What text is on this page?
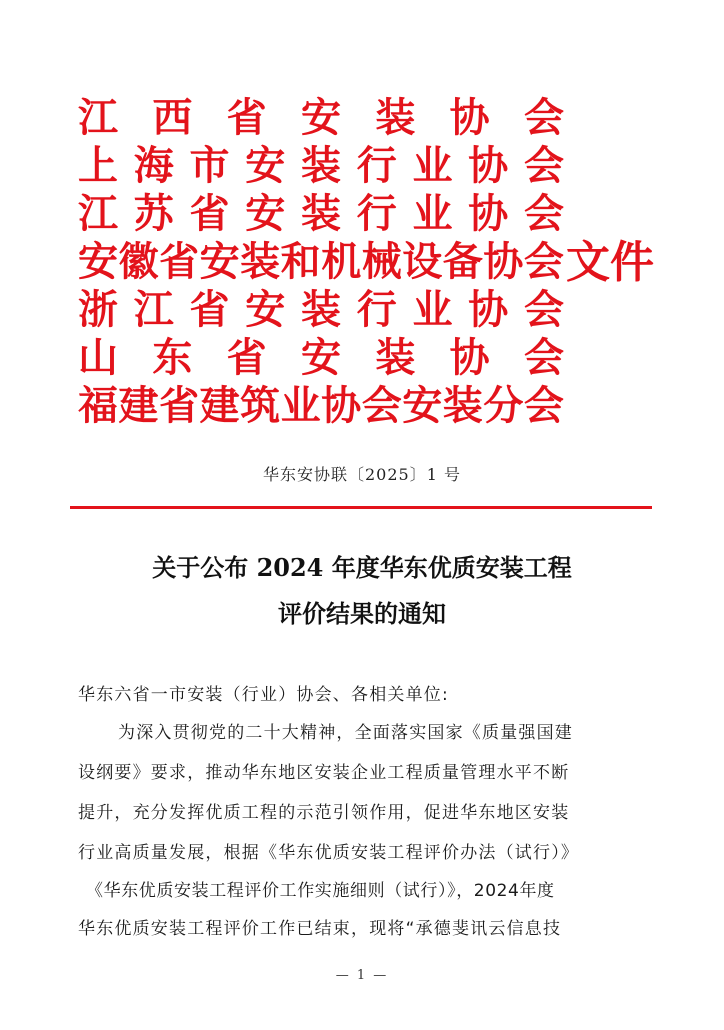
江 西 省 安 装 协 会
上 海 市 安 装 行 业 协 会
江 苏 省 安 装 行 业 协 会
安 徽 省 安 装 和 机 械 设 备 协 会
浙 江 省 安 装 行 业 协 会
山 东 省 安 装 协 会
福 建 省 建 筑 业 协 会 安 装 分 会
文件
华东安协联〔2025〕1 号
关于公布 2024 年度华东优质安装工程
评价结果的通知
华东六省一市安装（行业）协会、各相关单位:
为深入贯彻党的二十大精神，全面落实国家《质量强国建
设纲要》要求，推动华东地区安装企业工程质量管理水平不断
提升，充分发挥优质工程的示范引领作用，促进华东地区安装
行业高质量发展，根据《华东优质安装工程评价办法（试行）》
《华东优质安装工程评价工作实施细则（试行）》，2024年度
华东优质安装工程评价工作已结束，现将“承德斐讯云信息技
— 1 —
